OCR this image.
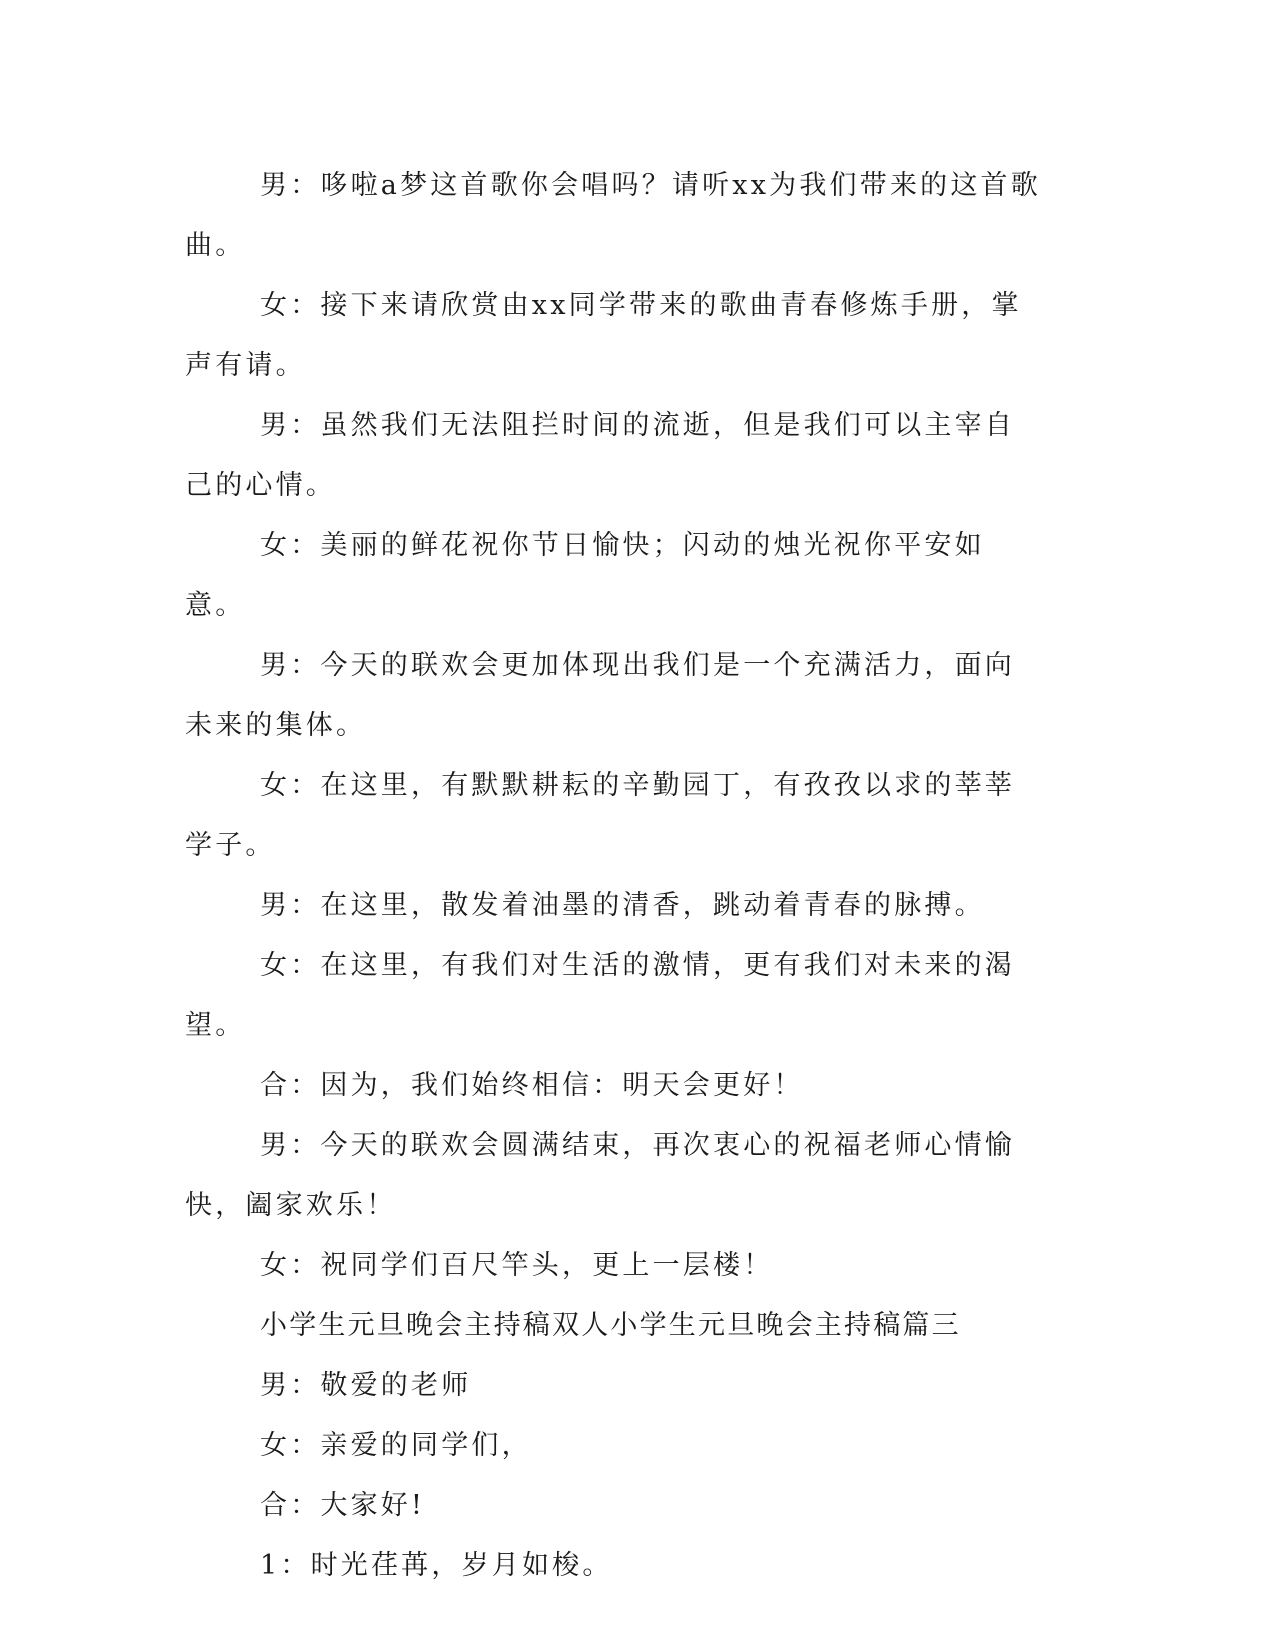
男：哆啦a梦这首歌你会唱吗？请听xx为我们带来的这首歌曲。

女：接下来请欣赏由xx同学带来的歌曲青春修炼手册，掌声有请。

男：虽然我们无法阻拦时间的流逝，但是我们可以主宰自己的心情。

女：美丽的鲜花祝你节日愉快；闪动的烛光祝你平安如意。

男：今天的联欢会更加体现出我们是一个充满活力，面向未来的集体。

女：在这里，有默默耕耘的辛勤园丁，有孜孜以求的莘莘学子。

男：在这里，散发着油墨的清香，跳动着青春的脉搏。

女：在这里，有我们对生活的激情，更有我们对未来的渴望。

合：因为，我们始终相信：明天会更好！

男：今天的联欢会圆满结束，再次衷心的祝福老师心情愉快，阖家欢乐！

女：祝同学们百尺竿头，更上一层楼！

小学生元旦晚会主持稿双人小学生元旦晚会主持稿篇三

男：敬爱的老师

女：亲爱的同学们，

合：大家好!

1：时光荏苒，岁月如梭。
